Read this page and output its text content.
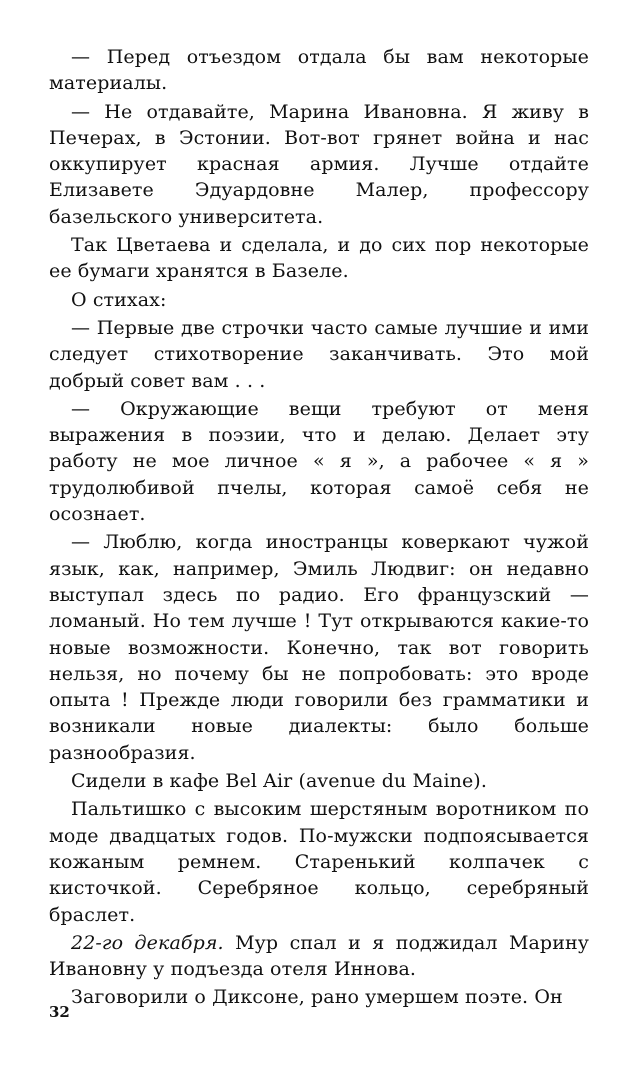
— Перед отъездом отдала бы вам некоторые материалы.

— Не отдавайте, Марина Ивановна. Я живу в Печерах, в Эстонии. Вот-вот грянет война и нас оккупирует красная армия. Лучше отдайте Елизавете Эдуардовне Малер, профессору базельского университета.

Так Цветаева и сделала, и до сих пор некоторые ее бумаги хранятся в Базеле.

О стихах:

— Первые две строчки часто самые лучшие и ими следует стихотворение заканчивать. Это мой добрый совет вам . . .

— Окружающие вещи требуют от меня выражения в поэзии, что и делаю. Делает эту работу не мое личное « я », а рабочее « я » трудолюбивой пчелы, которая самоё себя не осознает.

— Люблю, когда иностранцы коверкают чужой язык, как, например, Эмиль Людвиг: он недавно выступал здесь по радио. Его французский — ломаный. Но тем лучше ! Тут открываются какие-то новые возможности. Конечно, так вот говорить нельзя, но почему бы не попробовать: это вроде опыта ! Прежде люди говорили без грамматики и возникали новые диалекты: было больше разнообразия.

Сидели в кафе Bel Air (avenue du Maine).

Пальтишко с высоким шерстяным воротником по моде двадцатых годов. По-мужски подпоясывается кожаным ремнем. Старенький колпачек с кисточкой. Серебряное кольцо, серебряный браслет.

22-го декабря. Мур спал и я поджидал Марину Ивановну у подъезда отеля Иннова.

Заговорили о Диксоне, рано умершем поэте. Он

32
